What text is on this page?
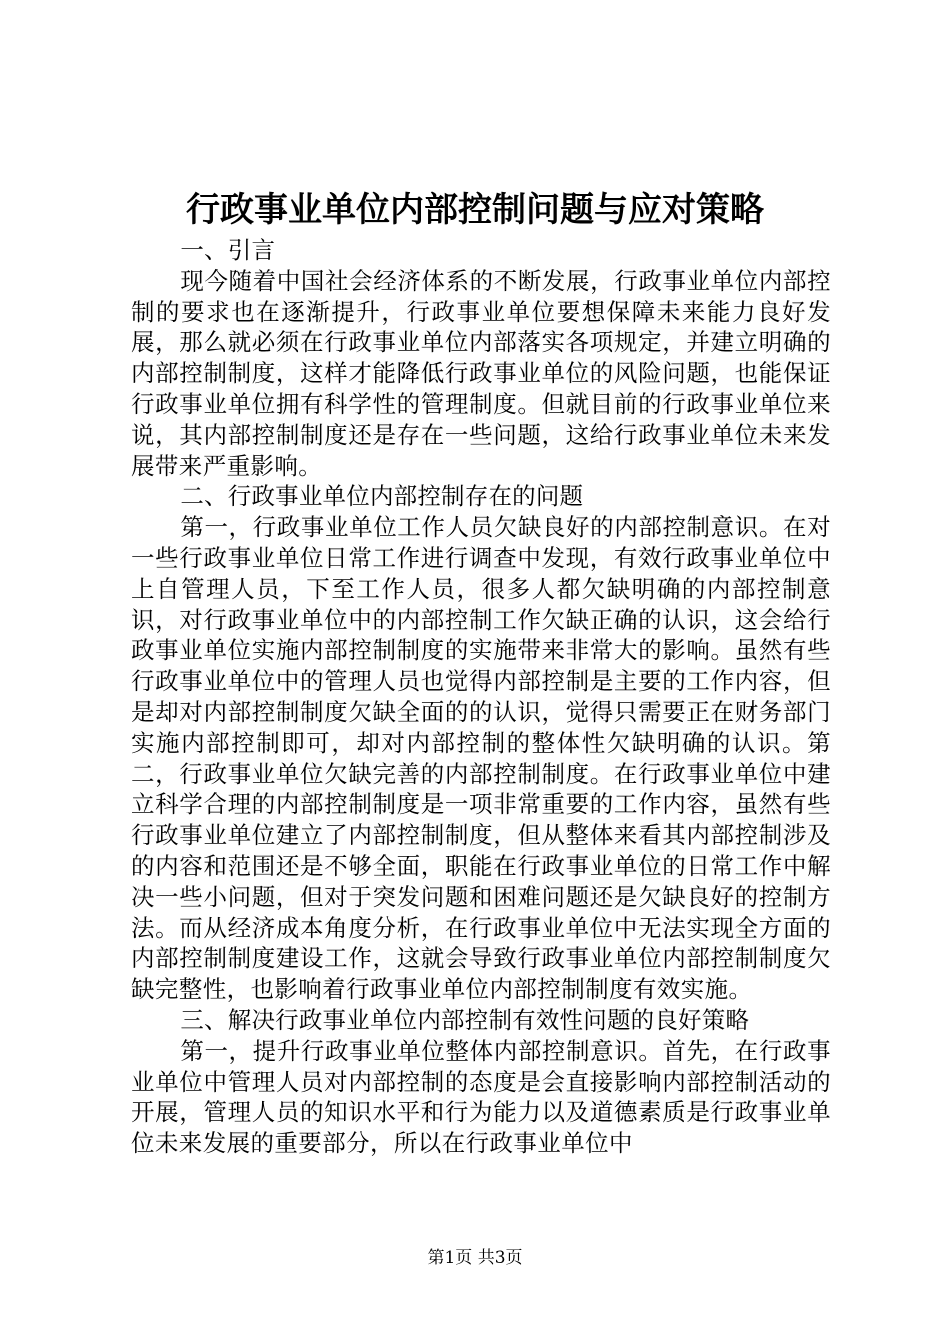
行政事业单位内部控制问题与应对策略

一、引言

现今随着中国社会经济体系的不断发展，行政事业单位内部控制的要求也在逐渐提升，行政事业单位要想保障未来能力良好发展，那么就必须在行政事业单位内部落实各项规定，并建立明确的内部控制制度，这样才能降低行政事业单位的风险问题，也能保证行政事业单位拥有科学性的管理制度。但就目前的行政事业单位来说，其内部控制制度还是存在一些问题，这给行政事业单位未来发展带来严重影响。

二、行政事业单位内部控制存在的问题

第一，行政事业单位工作人员欠缺良好的内部控制意识。在对一些行政事业单位日常工作进行调查中发现，有效行政事业单位中上自管理人员，下至工作人员，很多人都欠缺明确的内部控制意识，对行政事业单位中的内部控制工作欠缺正确的认识，这会给行政事业单位实施内部控制制度的实施带来非常大的影响。虽然有些行政事业单位中的管理人员也觉得内部控制是主要的工作内容，但是却对内部控制制度欠缺全面的的认识，觉得只需要正在财务部门实施内部控制即可，却对内部控制的整体性欠缺明确的认识。第二，行政事业单位欠缺完善的内部控制制度。在行政事业单位中建立科学合理的内部控制制度是一项非常重要的工作内容，虽然有些行政事业单位建立了内部控制制度，但从整体来看其内部控制涉及的内容和范围还是不够全面，职能在行政事业单位的日常工作中解决一些小问题，但对于突发问题和困难问题还是欠缺良好的控制方法。而从经济成本角度分析，在行政事业单位中无法实现全方面的内部控制制度建设工作，这就会导致行政事业单位内部控制制度欠缺完整性，也影响着行政事业单位内部控制制度有效实施。

三、解决行政事业单位内部控制有效性问题的良好策略

第一，提升行政事业单位整体内部控制意识。首先，在行政事业单位中管理人员对内部控制的态度是会直接影响内部控制活动的开展，管理人员的知识水平和行为能力以及道德素质是行政事业单位未来发展的重要部分，所以在行政事业单位中

第1页 共3页
